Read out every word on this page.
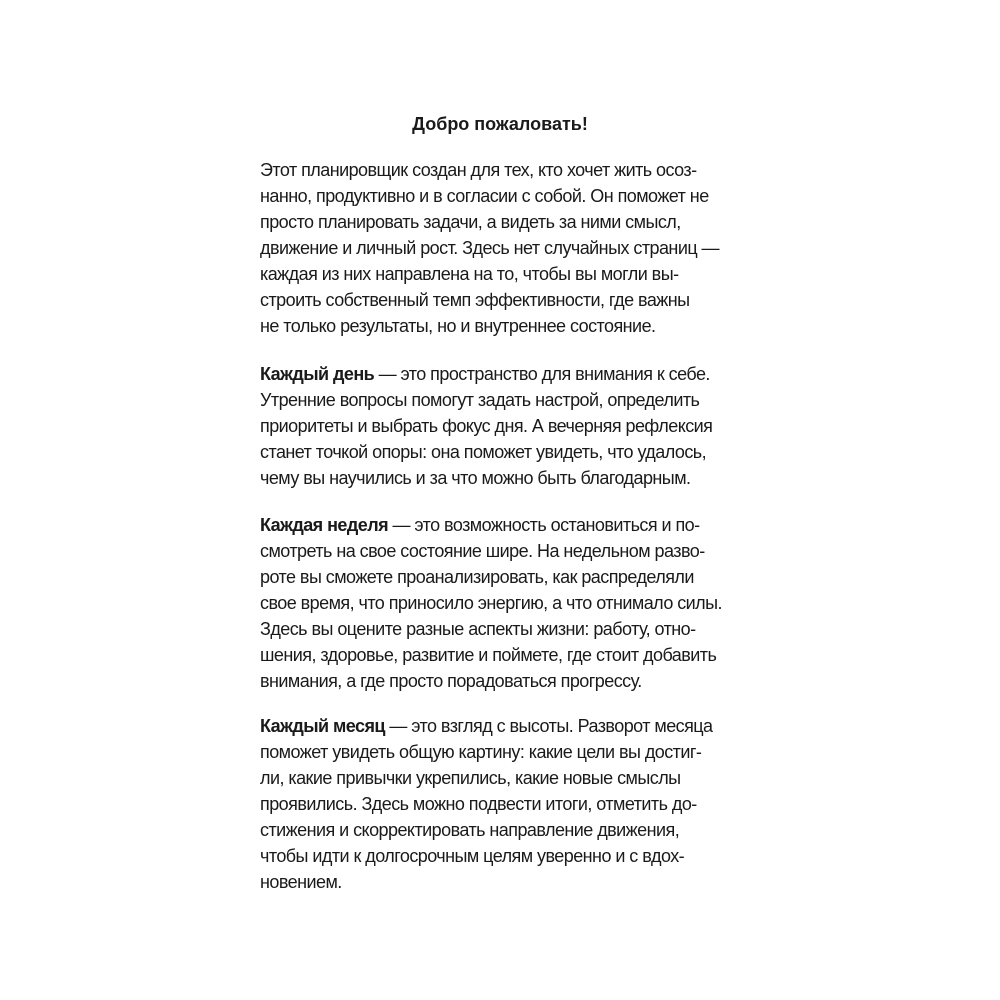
Добро пожаловать!
Этот планировщик создан для тех, кто хочет жить осоз-
нанно, продуктивно и в согласии с собой. Он поможет не
просто планировать задачи, а видеть за ними смысл,
движение и личный рост. Здесь нет случайных страниц —
каждая из них направлена на то, чтобы вы могли вы-
строить собственный темп эффективности, где важны
не только результаты, но и внутреннее состояние.
Каждый день — это пространство для внимания к себе.
Утренние вопросы помогут задать настрой, определить
приоритеты и выбрать фокус дня. А вечерняя рефлексия
станет точкой опоры: она поможет увидеть, что удалось,
чему вы научились и за что можно быть благодарным.
Каждая неделя — это возможность остановиться и по-
смотреть на свое состояние шире. На недельном разво-
роте вы сможете проанализировать, как распределяли
свое время, что приносило энергию, а что отнимало силы.
Здесь вы оцените разные аспекты жизни: работу, отно-
шения, здоровье, развитие и поймете, где стоит добавить
внимания, а где просто порадоваться прогрессу.
Каждый месяц — это взгляд с высоты. Разворот месяца
поможет увидеть общую картину: какие цели вы достиг-
ли, какие привычки укрепились, какие новые смыслы
проявились. Здесь можно подвести итоги, отметить до-
стижения и скорректировать направление движения,
чтобы идти к долгосрочным целям уверенно и с вдох-
новением.
